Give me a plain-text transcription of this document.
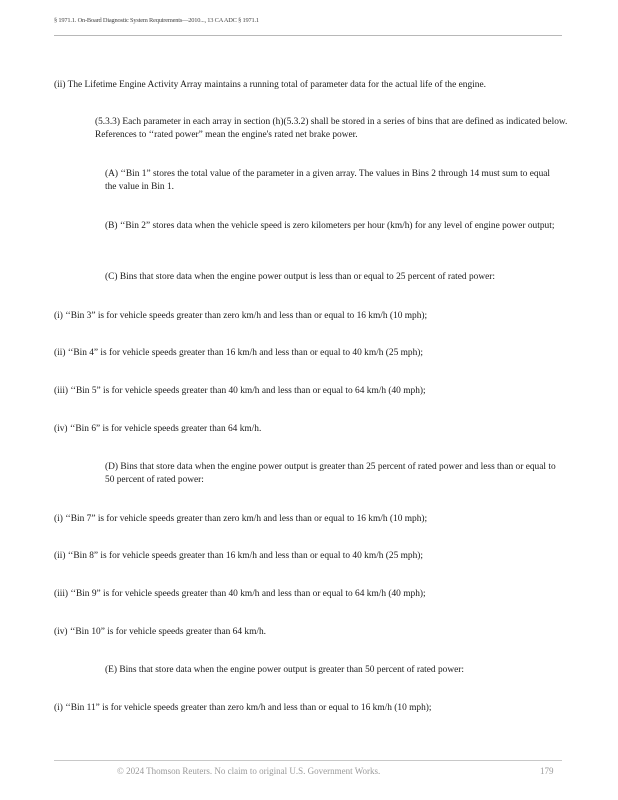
§ 1971.1. On-Board Diagnostic System Requirements—2010..., 13 CA ADC § 1971.1
(ii) The Lifetime Engine Activity Array maintains a running total of parameter data for the actual life of the engine.
(5.3.3) Each parameter in each array in section (h)(5.3.2) shall be stored in a series of bins that are defined as indicated below. References to ‘‘rated power” mean the engine's rated net brake power.
(A) ‘‘Bin 1” stores the total value of the parameter in a given array. The values in Bins 2 through 14 must sum to equal the value in Bin 1.
(B) ‘‘Bin 2” stores data when the vehicle speed is zero kilometers per hour (km/h) for any level of engine power output;
(C) Bins that store data when the engine power output is less than or equal to 25 percent of rated power:
(i) ‘‘Bin 3” is for vehicle speeds greater than zero km/h and less than or equal to 16 km/h (10 mph);
(ii) ‘‘Bin 4” is for vehicle speeds greater than 16 km/h and less than or equal to 40 km/h (25 mph);
(iii) ‘‘Bin 5” is for vehicle speeds greater than 40 km/h and less than or equal to 64 km/h (40 mph);
(iv) ‘‘Bin 6” is for vehicle speeds greater than 64 km/h.
(D) Bins that store data when the engine power output is greater than 25 percent of rated power and less than or equal to 50 percent of rated power:
(i) ‘‘Bin 7” is for vehicle speeds greater than zero km/h and less than or equal to 16 km/h (10 mph);
(ii) ‘‘Bin 8” is for vehicle speeds greater than 16 km/h and less than or equal to 40 km/h (25 mph);
(iii) ‘‘Bin 9” is for vehicle speeds greater than 40 km/h and less than or equal to 64 km/h (40 mph);
(iv) ‘‘Bin 10” is for vehicle speeds greater than 64 km/h.
(E) Bins that store data when the engine power output is greater than 50 percent of rated power:
(i) ‘‘Bin 11” is for vehicle speeds greater than zero km/h and less than or equal to 16 km/h (10 mph);
© 2024 Thomson Reuters. No claim to original U.S. Government Works.	179
